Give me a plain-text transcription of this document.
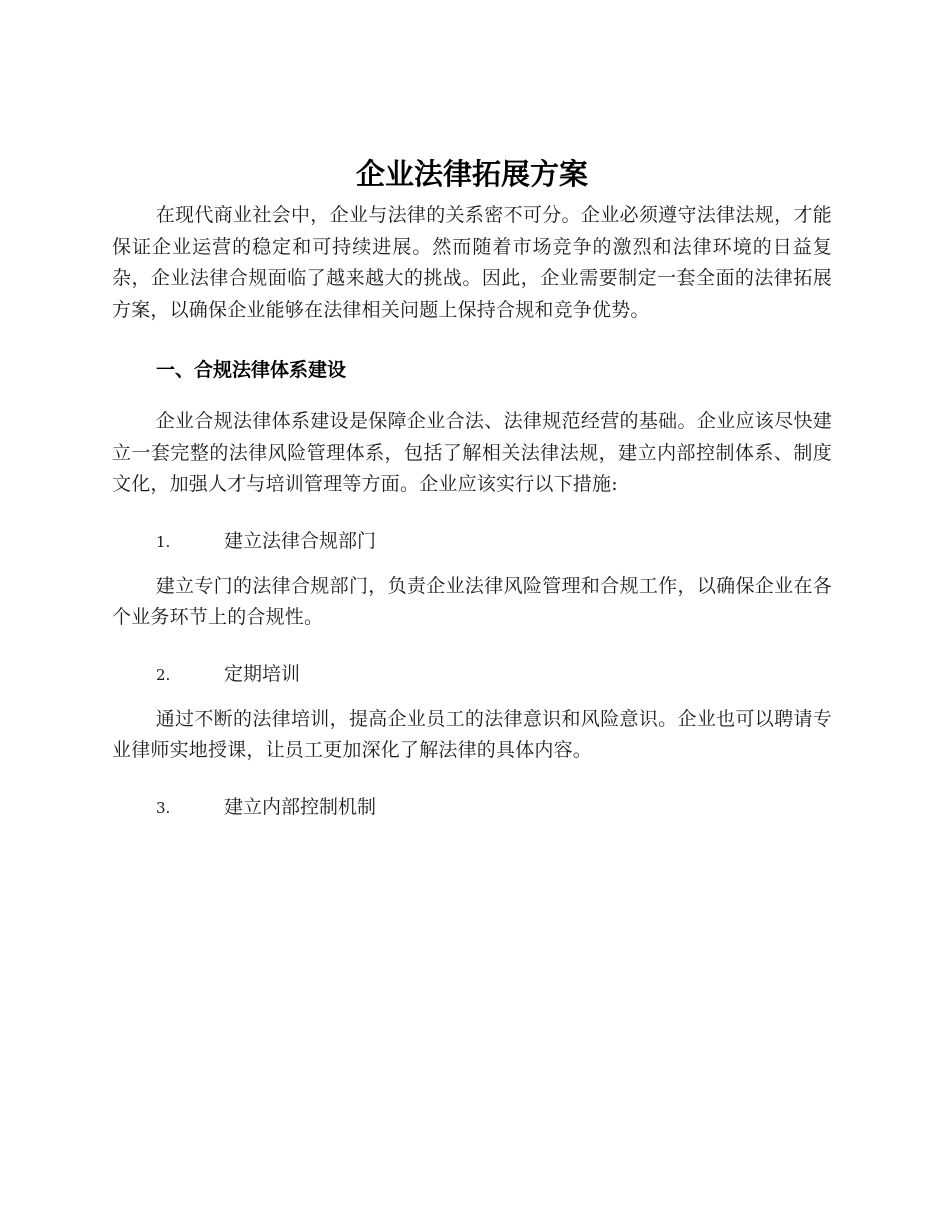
企业法律拓展方案

在现代商业社会中，企业与法律的关系密不可分。企业必须遵守法律法规，才能保证企业运营的稳定和可持续进展。然而随着市场竞争的激烈和法律环境的日益复杂，企业法律合规面临了越来越大的挑战。因此，企业需要制定一套全面的法律拓展方案，以确保企业能够在法律相关问题上保持合规和竞争优势。

一、合规法律体系建设

企业合规法律体系建设是保障企业合法、法律规范经营的基础。企业应该尽快建立一套完整的法律风险管理体系，包括了解相关法律法规，建立内部控制体系、制度文化，加强人才与培训管理等方面。企业应该实行以下措施:

1.	建立法律合规部门

建立专门的法律合规部门，负责企业法律风险管理和合规工作，以确保企业在各个业务环节上的合规性。

2.	定期培训

通过不断的法律培训，提高企业员工的法律意识和风险意识。企业也可以聘请专业律师实地授课，让员工更加深化了解法律的具体内容。

3.	建立内部控制机制
